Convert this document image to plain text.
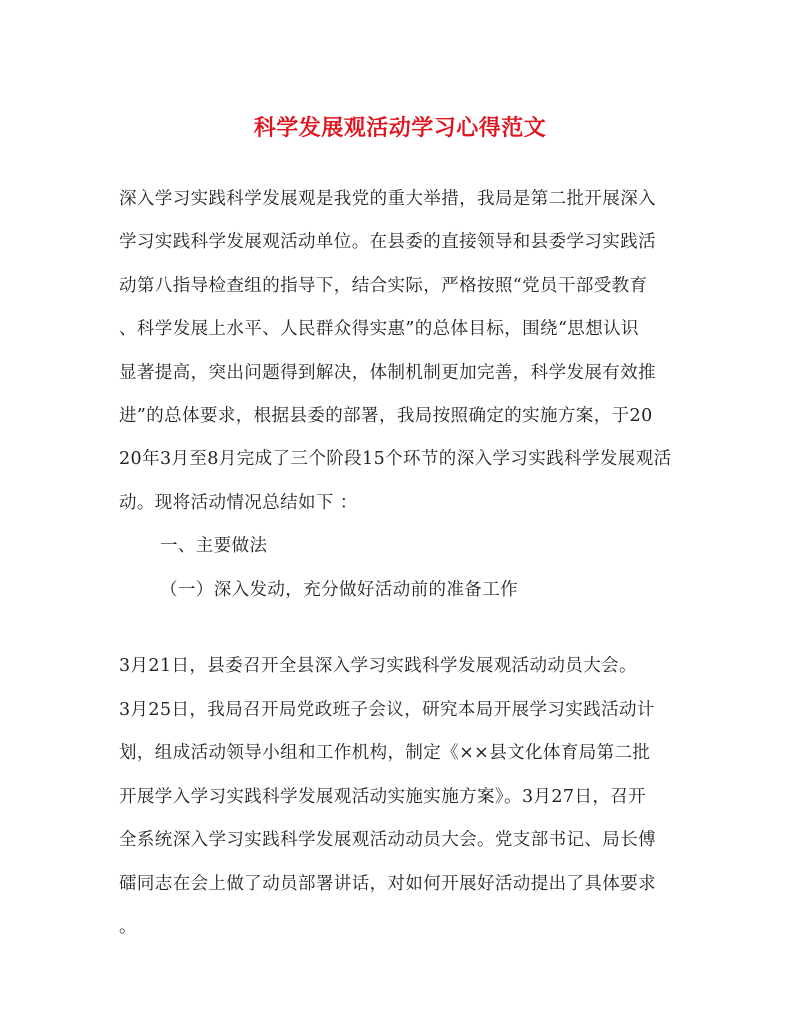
科学发展观活动学习心得范文
深入学习实践科学发展观是我党的重大举措，我局是第二批开展深入
学习实践科学发展观活动单位。在县委的直接领导和县委学习实践活
动第八指导检查组的指导下，结合实际，严格按照“党员干部受教育
、科学发展上水平、人民群众得实惠”的总体目标，围绕“思想认识
显著提高，突出问题得到解决，体制机制更加完善，科学发展有效推
进”的总体要求，根据县委的部署，我局按照确定的实施方案，于20
20年3月至8月完成了三个阶段15个环节的深入学习实践科学发展观活
动。现将活动情况总结如下 ：
一、主要做法
（一）深入发动，充分做好活动前的准备工作
3月21日，县委召开全县深入学习实践科学发展观活动动员大会。
3月25日，我局召开局党政班子会议，研究本局开展学习实践活动计
划，组成活动领导小组和工作机构，制定《××县文化体育局第二批
开展学入学习实践科学发展观活动实施实施方案》。3月27日，召开
全系统深入学习实践科学发展观活动动员大会。党支部书记、局长傅
礌同志在会上做了动员部署讲话，对如何开展好活动提出了具体要求
。
